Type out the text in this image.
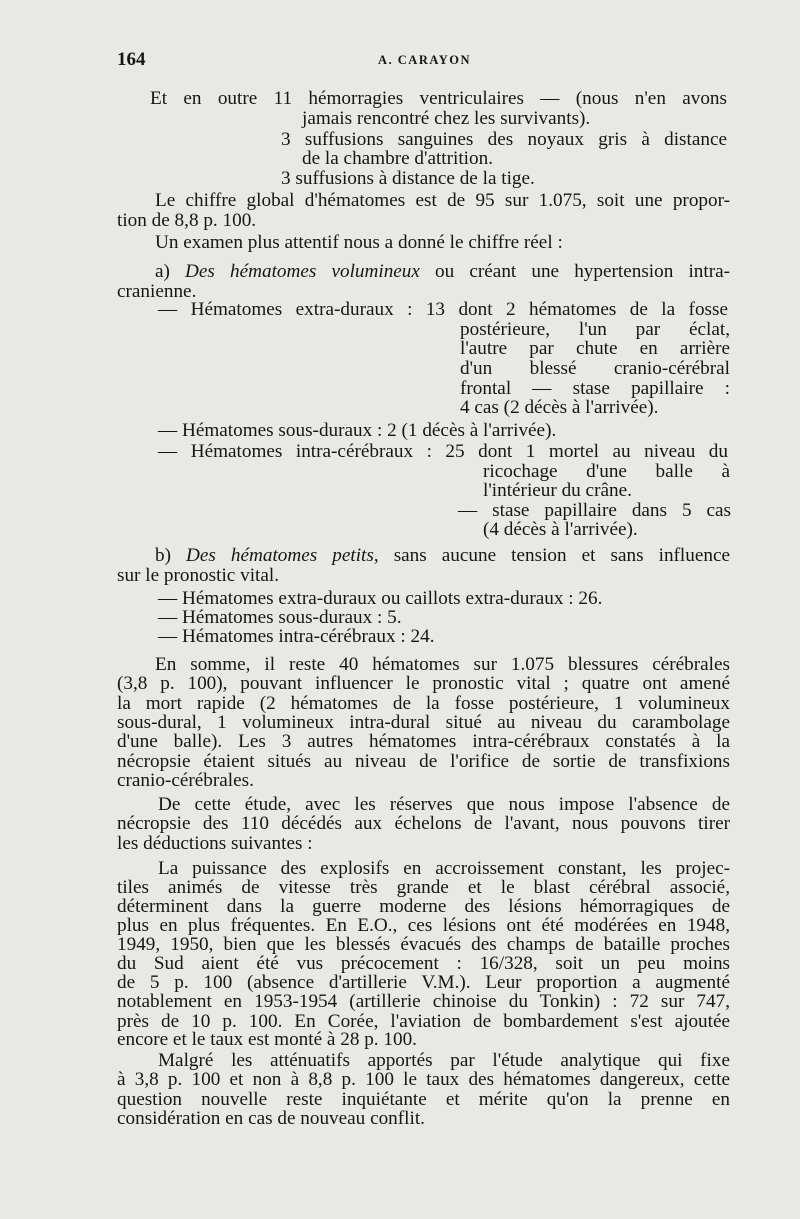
164	A. CARAYON
Et en outre 11 hémorragies ventriculaires — (nous n'en avons
jamais rencontré chez les survivants).
3 suffusions sanguines des noyaux gris à distance
de la chambre d'attrition.
3 suffusions à distance de la tige.
Le chiffre global d'hématomes est de 95 sur 1.075, soit une propor-
tion de 8,8 p. 100.
Un examen plus attentif nous a donné le chiffre réel :
a) Des hématomes volumineux ou créant une hypertension intra-
cranienne.
— Hématomes extra-duraux : 13 dont 2 hématomes de la fosse
postérieure, l'un par éclat,
l'autre par chute en arrière
d'un blessé cranio-cérébral
frontal — stase papillaire :
4 cas (2 décès à l'arrivée).
— Hématomes sous-duraux : 2 (1 décès à l'arrivée).
— Hématomes intra-cérébraux : 25 dont 1 mortel au niveau du
ricochage d'une balle à
l'intérieur du crâne.
— stase papillaire dans 5 cas
(4 décès à l'arrivée).
b) Des hématomes petits, sans aucune tension et sans influence
sur le pronostic vital.
— Hématomes extra-duraux ou caillots extra-duraux : 26.
— Hématomes sous-duraux : 5.
— Hématomes intra-cérébraux : 24.
En somme, il reste 40 hématomes sur 1.075 blessures cérébrales
(3,8 p. 100), pouvant influencer le pronostic vital ; quatre ont amené
la mort rapide (2 hématomes de la fosse postérieure, 1 volumineux
sous-dural, 1 volumineux intra-dural situé au niveau du carambolage
d'une balle). Les 3 autres hématomes intra-cérébraux constatés à la
nécropsie étaient situés au niveau de l'orifice de sortie de transfixions
cranio-cérébrales.
De cette étude, avec les réserves que nous impose l'absence de
nécropsie des 110 décédés aux échelons de l'avant, nous pouvons tirer
les déductions suivantes :
La puissance des explosifs en accroissement constant, les projec-
tiles animés de vitesse très grande et le blast cérébral associé,
déterminent dans la guerre moderne des lésions hémorragiques de
plus en plus fréquentes. En E.O., ces lésions ont été modérées en 1948,
1949, 1950, bien que les blessés évacués des champs de bataille proches
du Sud aient été vus précocement : 16/328, soit un peu moins
de 5 p. 100 (absence d'artillerie V.M.). Leur proportion a augmenté
notablement en 1953-1954 (artillerie chinoise du Tonkin) : 72 sur 747,
près de 10 p. 100. En Corée, l'aviation de bombardement s'est ajoutée
encore et le taux est monté à 28 p. 100.
Malgré les atténuatifs apportés par l'étude analytique qui fixe
à 3,8 p. 100 et non à 8,8 p. 100 le taux des hématomes dangereux, cette
question nouvelle reste inquiétante et mérite qu'on la prenne en
considération en cas de nouveau conflit.
